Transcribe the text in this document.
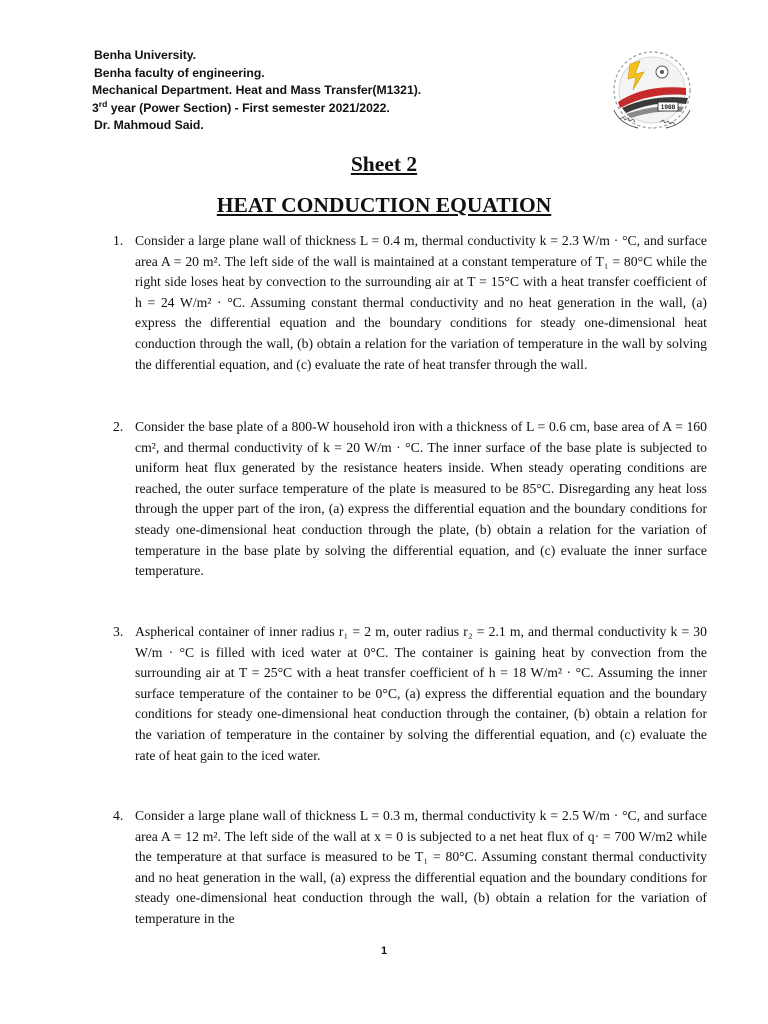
Benha University.
Benha faculty of engineering.
Mechanical Department. Heat and Mass Transfer(M1321).
3rd year (Power Section) - First semester 2021/2022.
Dr. Mahmoud Said.
1988
Sheet 2
HEAT CONDUCTION EQUATION
1. Consider a large plane wall of thickness L = 0.4 m, thermal conductivity k = 2.3 W/m · °C, and surface area A = 20 m². The left side of the wall is maintained at a constant temperature of T₁ = 80°C while the right side loses heat by convection to the surrounding air at T = 15°C with a heat transfer coefficient of h = 24 W/m² · °C. Assuming constant thermal conductivity and no heat generation in the wall, (a) express the differential equation and the boundary conditions for steady one-dimensional heat conduction through the wall, (b) obtain a relation for the variation of temperature in the wall by solving the differential equation, and (c) evaluate the rate of heat transfer through the wall.
2. Consider the base plate of a 800-W household iron with a thickness of L = 0.6 cm, base area of A = 160 cm², and thermal conductivity of k = 20 W/m · °C. The inner surface of the base plate is subjected to uniform heat flux generated by the resistance heaters inside. When steady operating conditions are reached, the outer surface temperature of the plate is measured to be 85°C. Disregarding any heat loss through the upper part of the iron, (a) express the differential equation and the boundary conditions for steady one-dimensional heat conduction through the plate, (b) obtain a relation for the variation of temperature in the base plate by solving the differential equation, and (c) evaluate the inner surface temperature.
3. Aspherical container of inner radius r₁ = 2 m, outer radius r₂ = 2.1 m, and thermal conductivity k = 30 W/m · °C is filled with iced water at 0°C. The container is gaining heat by convection from the surrounding air at T = 25°C with a heat transfer coefficient of h = 18 W/m² · °C. Assuming the inner surface temperature of the container to be 0°C, (a) express the differential equation and the boundary conditions for steady one-dimensional heat conduction through the container, (b) obtain a relation for the variation of temperature in the container by solving the differential equation, and (c) evaluate the rate of heat gain to the iced water.
4. Consider a large plane wall of thickness L = 0.3 m, thermal conductivity k = 2.5 W/m · °C, and surface area A = 12 m². The left side of the wall at x = 0 is subjected to a net heat flux of q· = 700 W/m2 while the temperature at that surface is measured to be T₁ = 80°C. Assuming constant thermal conductivity and no heat generation in the wall, (a) express the differential equation and the boundary conditions for steady one-dimensional heat conduction through the wall, (b) obtain a relation for the variation of temperature in the
1
